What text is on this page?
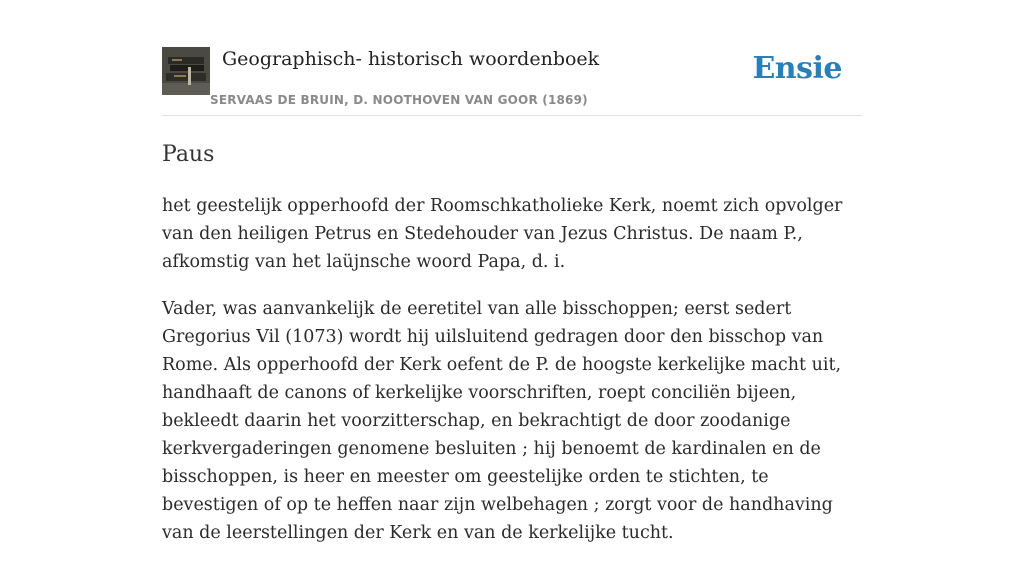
Geographisch- historisch woordenboek
SERVAAS DE BRUIN, D. NOOTHOVEN VAN GOOR (1869)
Ensie
Paus

het geestelijk opperhoofd der Roomschkatholieke Kerk, noemt zich opvolger van den heiligen Petrus en Stedehouder van Jezus Christus. De naam P., afkomstig van het laüjnsche woord Papa, d. i.

Vader, was aanvankelijk de eeretitel van alle bisschoppen; eerst sedert Gregorius Vil (1073) wordt hij uilsluitend gedragen door den bisschop van Rome. Als opperhoofd der Kerk oefent de P. de hoogste kerkelijke macht uit, handhaaft de canons of kerkelijke voorschriften, roept conciliën bijeen, bekleedt daarin het voorzitterschap, en bekrachtigt de door zoodanige kerkvergaderingen genomene besluiten ; hij benoemt de kardinalen en de bisschoppen, is heer en meester om geestelijke orden te stichten, te bevestigen of op te heffen naar zijn welbehagen ; zorgt voor de handhaving van de leerstellingen der Kerk en van de kerkelijke tucht.
